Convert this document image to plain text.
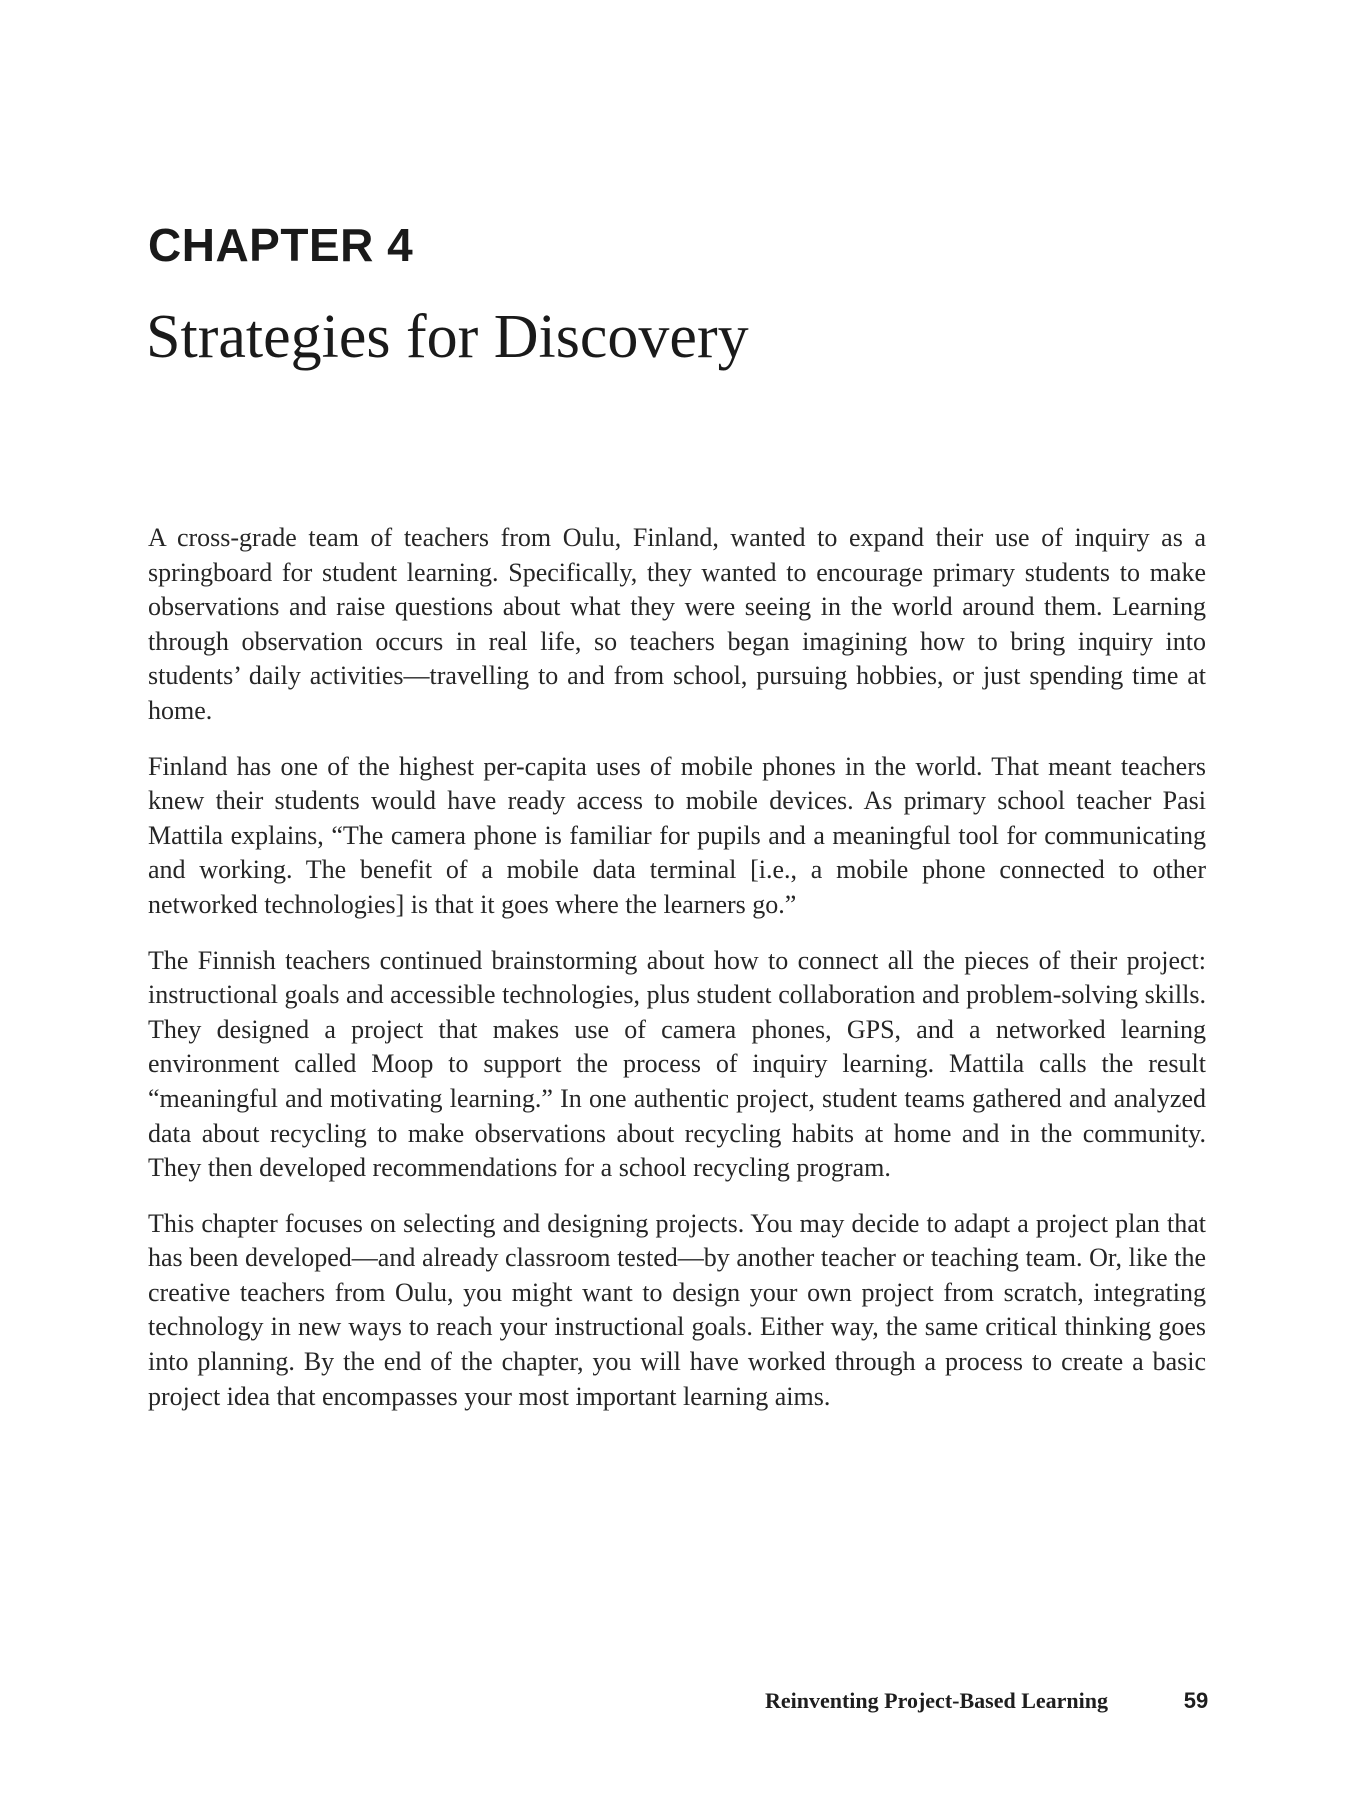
CHAPTER 4
Strategies for Discovery

A cross-grade team of teachers from Oulu, Finland, wanted to expand their use of inquiry as a springboard for student learning. Specifically, they wanted to encourage primary students to make observations and raise questions about what they were seeing in the world around them. Learning through observation occurs in real life, so teachers began imagining how to bring inquiry into students’ daily activities—travelling to and from school, pursuing hobbies, or just spending time at home.

Finland has one of the highest per-capita uses of mobile phones in the world. That meant teachers knew their students would have ready access to mobile devices. As primary school teacher Pasi Mattila explains, “The camera phone is familiar for pupils and a meaningful tool for communicating and working. The benefit of a mobile data terminal [i.e., a mobile phone connected to other networked technologies] is that it goes where the learners go.”

The Finnish teachers continued brainstorming about how to connect all the pieces of their project: instructional goals and accessible technologies, plus student collaboration and problem-solving skills. They designed a project that makes use of camera phones, GPS, and a networked learning environment called Moop to support the process of inquiry learning. Mattila calls the result “meaningful and motivating learning.” In one authentic project, student teams gathered and analyzed data about recycling to make observations about recycling habits at home and in the community. They then developed recommendations for a school recycling program.

This chapter focuses on selecting and designing projects. You may decide to adapt a project plan that has been developed—and already classroom tested—by another teacher or teaching team. Or, like the creative teachers from Oulu, you might want to design your own project from scratch, integrating technology in new ways to reach your instructional goals. Either way, the same critical thinking goes into planning. By the end of the chapter, you will have worked through a process to create a basic project idea that encompasses your most important learning aims.

Reinventing Project-Based Learning	59
